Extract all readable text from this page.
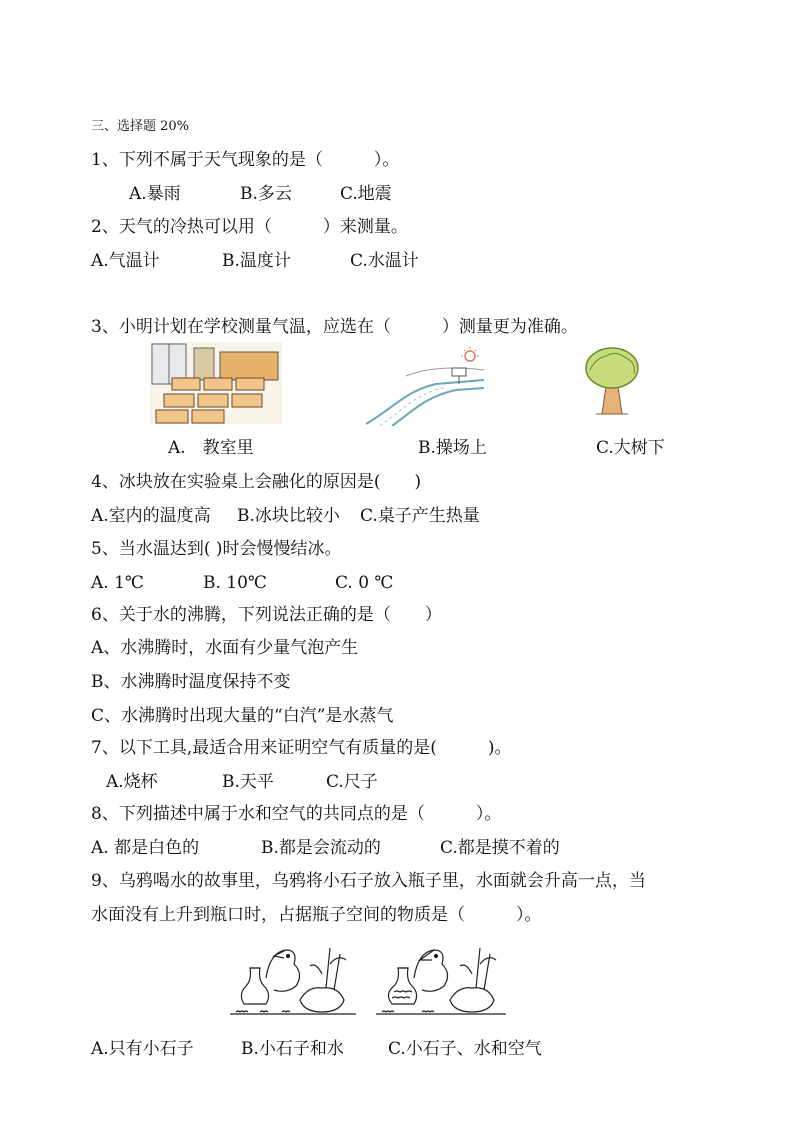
三、选择题 20%
1、下列不属于天气现象的是（　　　）。
A.暴雨	B.多云	C.地震
2、天气的冷热可以用（　　　）来测量。
A.气温计	B.温度计	C.水温计
3、小明计划在学校测量气温，应选在（　　　）测量更为准确。
A.　教室里	B.操场上	C.大树下
4、冰块放在实验桌上会融化的原因是(　　)
A.室内的温度高 B.冰块比较小 C.桌子产生热量
5、当水温达到( )时会慢慢结冰。
A. 1℃	B. 10℃	C. 0 ℃
6、关于水的沸腾，下列说法正确的是（　　）
A、水沸腾时，水面有少量气泡产生
B、水沸腾时温度保持不变
C、水沸腾时出现大量的“白汽”是水蒸气
7、以下工具,最适合用来证明空气有质量的是(　　　)。
A.烧杯	B.天平	C.尺子
8、下列描述中属于水和空气的共同点的是（　　　）。
A. 都是白色的	B.都是会流动的	C.都是摸不着的
9、乌鸦喝水的故事里，乌鸦将小石子放入瓶子里，水面就会升高一点，当
水面没有上升到瓶口时，占据瓶子空间的物质是（　　　）。
A.只有小石子	B.小石子和水	C.小石子、水和空气
